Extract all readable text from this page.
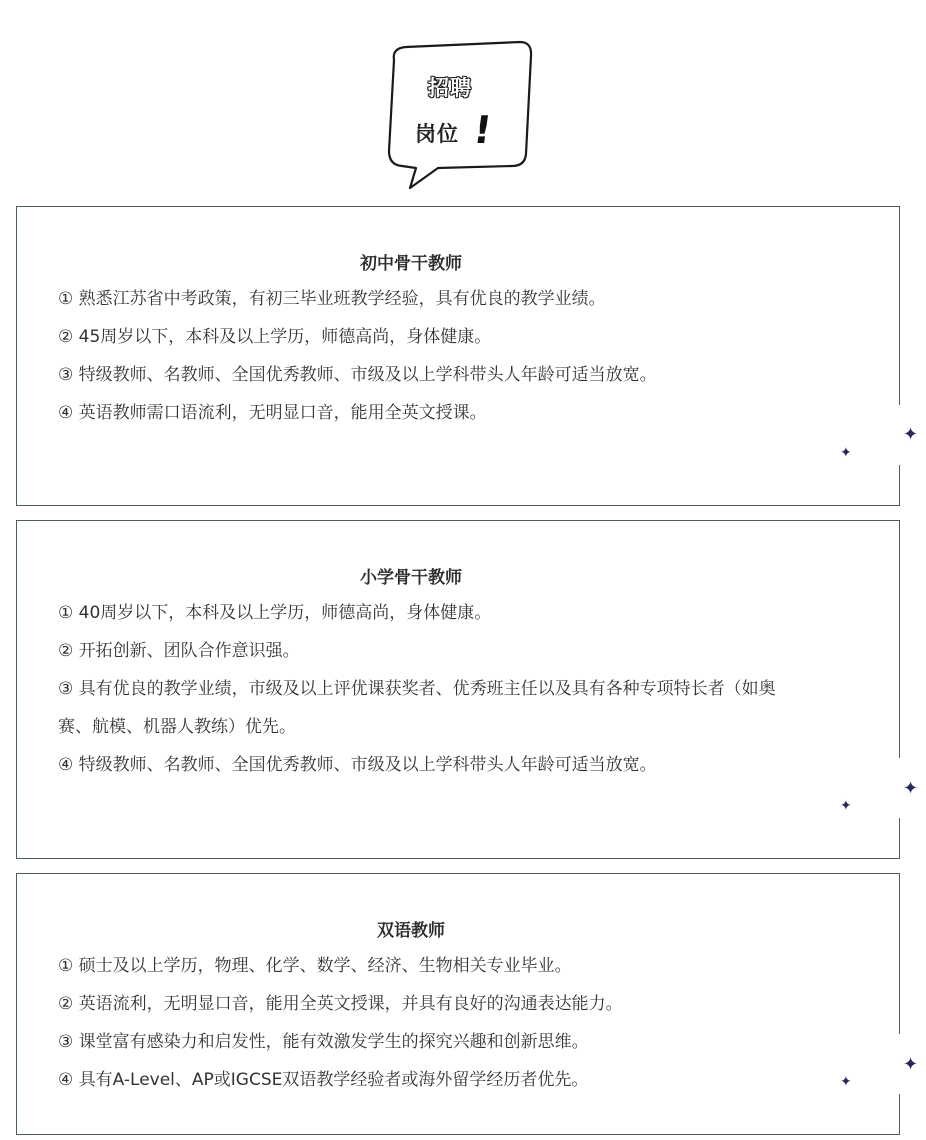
招聘
岗位 !
初中骨干教师
① 熟悉江苏省中考政策，有初三毕业班教学经验，具有优良的教学业绩。
② 45周岁以下，本科及以上学历，师德高尚，身体健康。
③ 特级教师、名教师、全国优秀教师、市级及以上学科带头人年龄可适当放宽。
④ 英语教师需口语流利，无明显口音，能用全英文授课。
✦
✦
小学骨干教师
① 40周岁以下，本科及以上学历，师德高尚，身体健康。
② 开拓创新、团队合作意识强。
③ 具有优良的教学业绩，市级及以上评优课获奖者、优秀班主任以及具有各种专项特长者（如奥赛、航模、机器人教练）优先。
④ 特级教师、名教师、全国优秀教师、市级及以上学科带头人年龄可适当放宽。
✦
✦
双语教师
① 硕士及以上学历，物理、化学、数学、经济、生物相关专业毕业。
② 英语流利，无明显口音，能用全英文授课，并具有良好的沟通表达能力。
③ 课堂富有感染力和启发性，能有效激发学生的探究兴趣和创新思维。
④ 具有A-Level、AP或IGCSE双语教学经验者或海外留学经历者优先。
✦
✦
